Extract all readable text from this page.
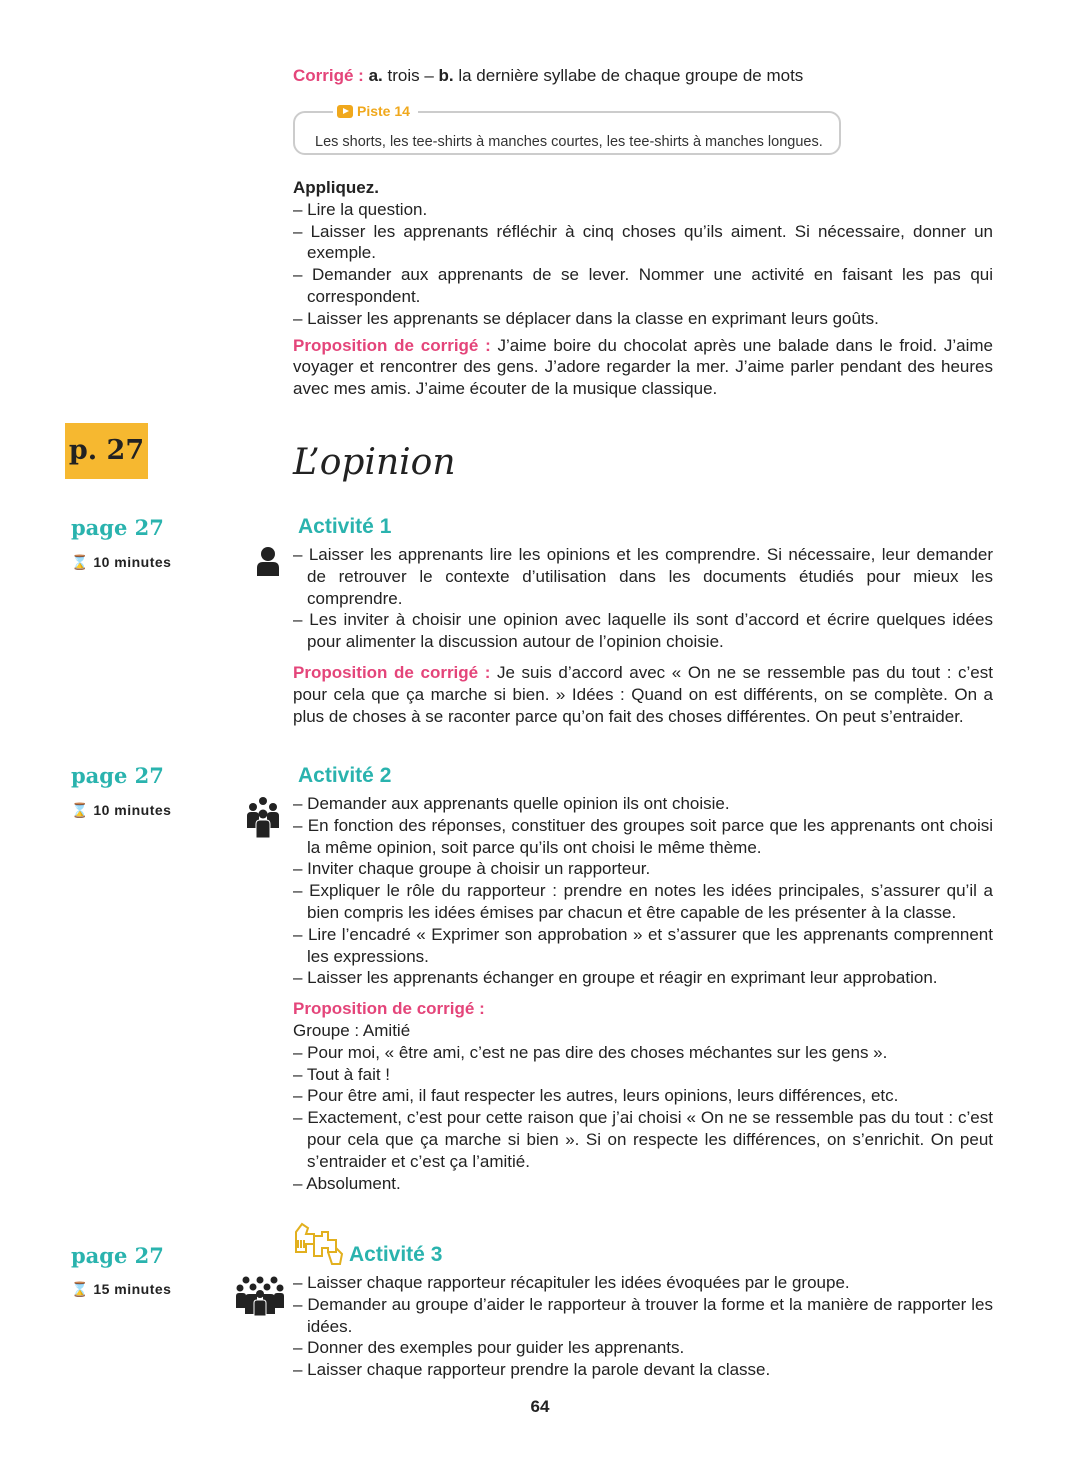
Corrigé : a. trois – b. la dernière syllabe de chaque groupe de mots
Piste 14
Les shorts, les tee-shirts à manches courtes, les tee-shirts à manches longues.
Appliquez.
– Lire la question.
– Laisser les apprenants réfléchir à cinq choses qu’ils aiment. Si nécessaire, donner un exemple.
– Demander aux apprenants de se lever. Nommer une activité en faisant les pas qui correspondent.
– Laisser les apprenants se déplacer dans la classe en exprimant leurs goûts.
Proposition de corrigé : J’aime boire du chocolat après une balade dans le froid. J’aime voyager et rencontrer des gens. J’adore regarder la mer. J’aime parler pendant des heures avec mes amis. J’aime écouter de la musique classique.
p. 27	L’opinion
page 27
⌛ 10 minutes
Activité 1
– Laisser les apprenants lire les opinions et les comprendre. Si nécessaire, leur demander de retrouver le contexte d’utilisation dans les documents étudiés pour mieux les comprendre.
– Les inviter à choisir une opinion avec laquelle ils sont d’accord et écrire quelques idées pour alimenter la discussion autour de l’opinion choisie.
Proposition de corrigé : Je suis d’accord avec « On ne se ressemble pas du tout : c’est pour cela que ça marche si bien. » Idées : Quand on est différents, on se complète. On a plus de choses à se raconter parce qu’on fait des choses différentes. On peut s’entraider.
page 27
⌛ 10 minutes
Activité 2
– Demander aux apprenants quelle opinion ils ont choisie.
– En fonction des réponses, constituer des groupes soit parce que les apprenants ont choisi la même opinion, soit parce qu’ils ont choisi le même thème.
– Inviter chaque groupe à choisir un rapporteur.
– Expliquer le rôle du rapporteur : prendre en notes les idées principales, s’assurer qu’il a bien compris les idées émises par chacun et être capable de les présenter à la classe.
– Lire l’encadré « Exprimer son approbation » et s’assurer que les apprenants comprennent les expressions.
– Laisser les apprenants échanger en groupe et réagir en exprimant leur approbation.
Proposition de corrigé :
Groupe : Amitié
– Pour moi, « être ami, c’est ne pas dire des choses méchantes sur les gens ».
– Tout à fait !
– Pour être ami, il faut respecter les autres, leurs opinions, leurs différences, etc.
– Exactement, c’est pour cette raison que j’ai choisi « On ne se ressemble pas du tout : c’est pour cela que ça marche si bien ». Si on respecte les différences, on s’enrichit. On peut s’entraider et c’est ça l’amitié.
– Absolument.
page 27
⌛ 15 minutes
Activité 3
– Laisser chaque rapporteur récapituler les idées évoquées par le groupe.
– Demander au groupe d’aider le rapporteur à trouver la forme et la manière de rapporter les idées.
– Donner des exemples pour guider les apprenants.
– Laisser chaque rapporteur prendre la parole devant la classe.
64
